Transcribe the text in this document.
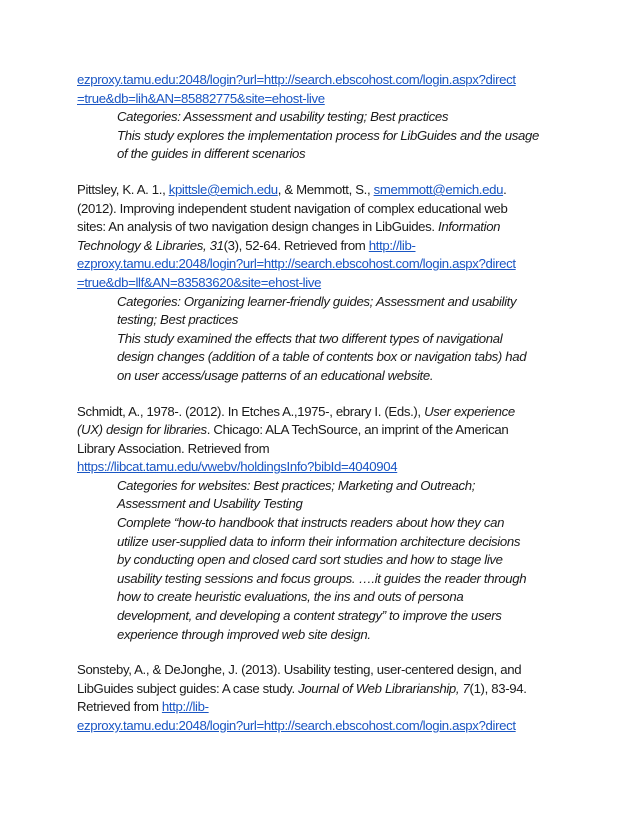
ezproxy.tamu.edu:2048/login?url=http://search.ebscohost.com/login.aspx?direct
=true&db=lih&AN=85882775&site=ehost-live
Categories: Assessment and usability testing; Best practices
This study explores the implementation process for LibGuides and the usage
of the guides in different scenarios
Pittsley, K. A. 1., kpittsle@emich.edu, & Memmott, S., smemmott@emich.edu.
(2012). Improving independent student navigation of complex educational web
sites: An analysis of two navigation design changes in LibGuides. Information
Technology & Libraries, 31(3), 52-64. Retrieved from http://lib-
ezproxy.tamu.edu:2048/login?url=http://search.ebscohost.com/login.aspx?direct
=true&db=llf&AN=83583620&site=ehost-live
Categories: Organizing learner-friendly guides; Assessment and usability
testing; Best practices
This study examined the effects that two different types of navigational
design changes (addition of a table of contents box or navigation tabs) had
on user access/usage patterns of an educational website.
Schmidt, A., 1978-. (2012). In Etches A.,1975-, ebrary I. (Eds.), User experience
(UX) design for libraries. Chicago: ALA TechSource, an imprint of the American
Library Association. Retrieved from
https://libcat.tamu.edu/vwebv/holdingsInfo?bibId=4040904
Categories for websites: Best practices; Marketing and Outreach;
Assessment and Usability Testing
Complete “how-to handbook that instructs readers about how they can
utilize user-supplied data to inform their information architecture decisions
by conducting open and closed card sort studies and how to stage live
usability testing sessions and focus groups. ….it guides the reader through
how to create heuristic evaluations, the ins and outs of persona
development, and developing a content strategy” to improve the users
experience through improved web site design.
Sonsteby, A., & DeJonghe, J. (2013). Usability testing, user-centered design, and
LibGuides subject guides: A case study. Journal of Web Librarianship, 7(1), 83-94.
Retrieved from http://lib-
ezproxy.tamu.edu:2048/login?url=http://search.ebscohost.com/login.aspx?direct
